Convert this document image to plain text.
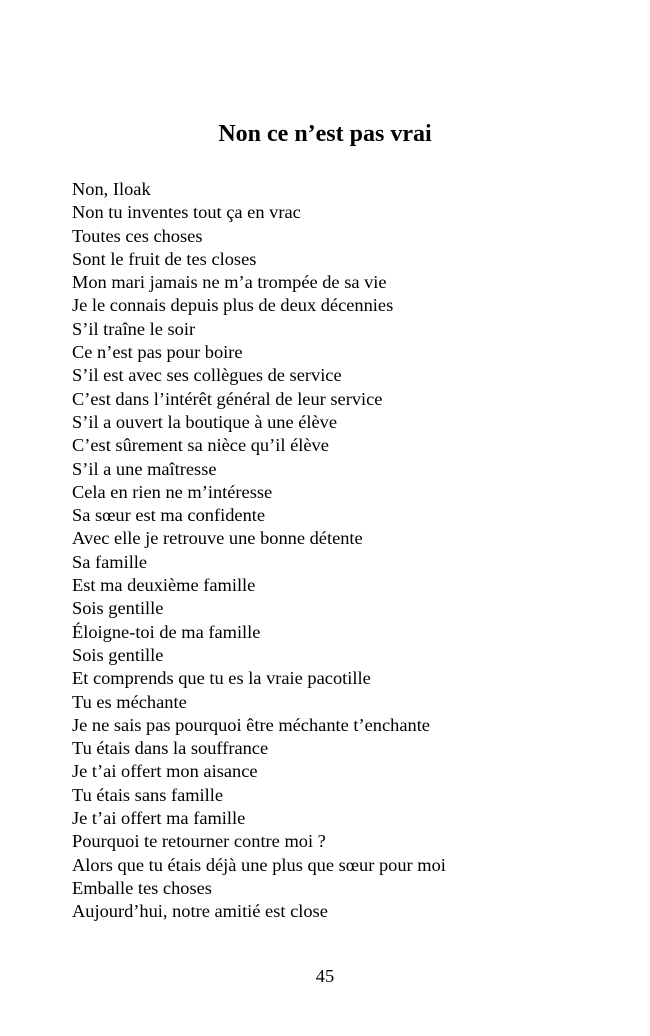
Non ce n’est pas vrai
Non, Iloak
Non tu inventes tout ça en vrac
Toutes ces choses
Sont le fruit de tes closes
Mon mari jamais ne m’a trompée de sa vie
Je le connais depuis plus de deux décennies
S’il traîne le soir
Ce n’est pas pour boire
S’il est avec ses collègues de service
C’est dans l’intérêt général de leur service
S’il a ouvert la boutique à une élève
C’est sûrement sa nièce qu’il élève
S’il a une maîtresse
Cela en rien ne m’intéresse
Sa sœur est ma confidente
Avec elle je retrouve une bonne détente
Sa famille
Est ma deuxième famille
Sois gentille
Éloigne-toi de ma famille
Sois gentille
Et comprends que tu es la vraie pacotille
Tu es méchante
Je ne sais pas pourquoi être méchante t’enchante
Tu étais dans la souffrance
Je t’ai offert mon aisance
Tu étais sans famille
Je t’ai offert ma famille
Pourquoi te retourner contre moi ?
Alors que tu étais déjà une plus que sœur pour moi
Emballe tes choses
Aujourd’hui, notre amitié est close
45
